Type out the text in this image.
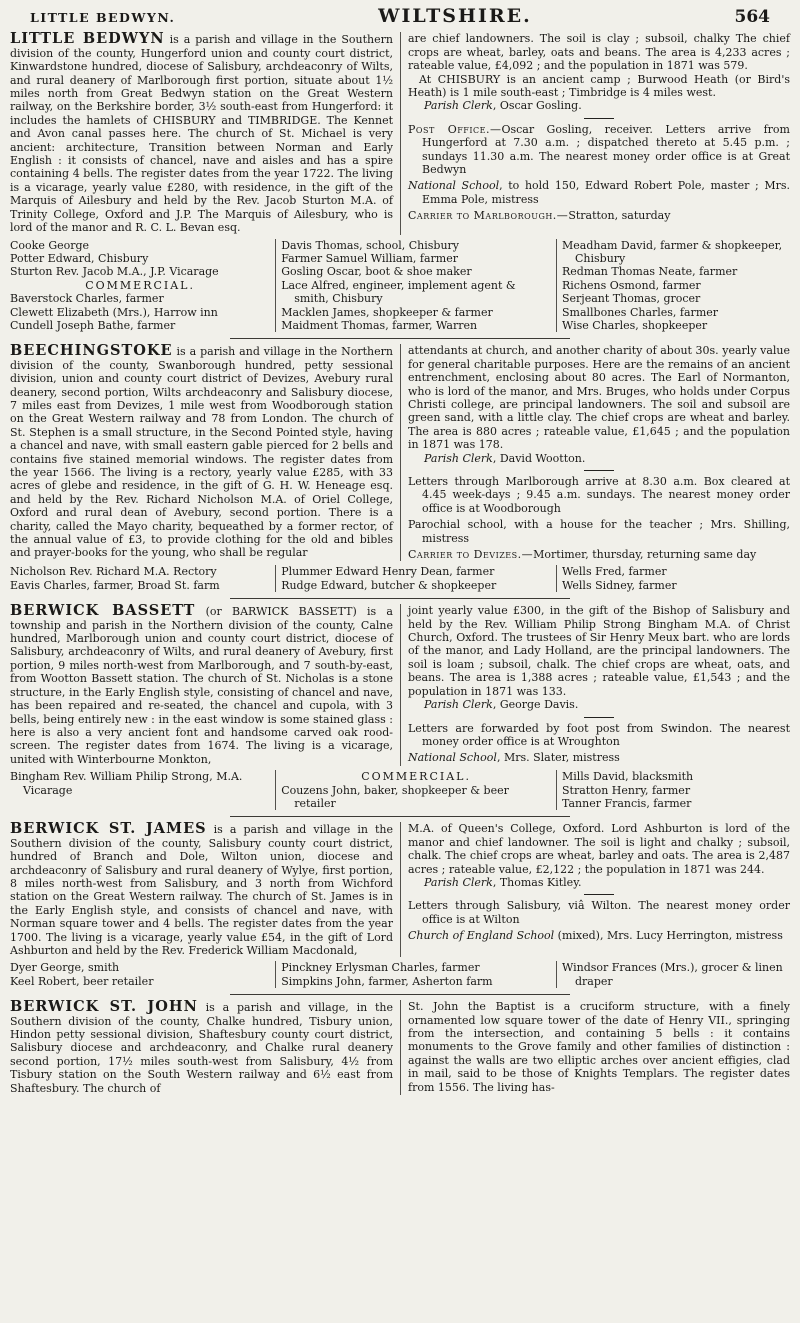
LITTLE BEDWYN.	WILTSHIRE.	564

LITTLE BEDWYN is a parish and village in the Southern division of the county, Hungerford union and county court district, Kinwardstone hundred, diocese of Salisbury, archdeaconry of Wilts, and rural deanery of Marlborough first portion, situate about 1½ miles north from Great Bedwyn station on the Great Western railway, on the Berkshire border, 3½ south-east from Hungerford: it includes the hamlets of CHISBURY and TIMBRIDGE. The Kennet and Avon canal passes here. The church of St. Michael is very ancient: architecture, Transition between Norman and Early English : it consists of chancel, nave and aisles and has a spire containing 4 bells. The register dates from the year 1722. The living is a vicarage, yearly value £280, with residence, in the gift of the Marquis of Ailesbury and held by the Rev. Jacob Sturton M.A. of Trinity College, Oxford and J.P. The Marquis of Ailesbury, who is lord of the manor and R. C. L. Bevan esq.

are chief landowners. The soil is clay ; subsoil, chalky The chief crops are wheat, barley, oats and beans. The area is 4,233 acres ; rateable value, £4,092 ; and the population in 1871 was 579.

At CHISBURY is an ancient camp ; Burwood Heath (or Bird's Heath) is 1 mile south-east ; Timbridge is 4 miles west.

Parish Clerk, Oscar Gosling.

Post Office.—Oscar Gosling, receiver. Letters arrive from Hungerford at 7.30 a.m. ; dispatched thereto at 5.45 p.m. ; sundays 11.30 a.m. The nearest money order office is at Great Bedwyn

National School, to hold 150, Edward Robert Pole, master ; Mrs. Emma Pole, mistress

Carrier to Marlborough.—Stratton, saturday

Cooke George

Potter Edward, Chisbury

Sturton Rev. Jacob M.A., J.P. Vicarage

COMMERCIAL.

Baverstock Charles, farmer

Clewett Elizabeth (Mrs.), Harrow inn

Cundell Joseph Bathe, farmer

Davis Thomas, school, Chisbury

Farmer Samuel William, farmer

Gosling Oscar, boot & shoe maker

Lace Alfred, engineer, implement agent & smith, Chisbury

Macklen James, shopkeeper & farmer

Maidment Thomas, farmer, Warren

Meadham David, farmer & shopkeeper, Chisbury

Redman Thomas Neate, farmer

Richens Osmond, farmer

Serjeant Thomas, grocer

Smallbones Charles, farmer

Wise Charles, shopkeeper

BEECHINGSTOKE is a parish and village in the Northern division of the county, Swanborough hundred, petty sessional division, union and county court district of Devizes, Avebury rural deanery, second portion, Wilts archdeaconry and Salisbury diocese, 7 miles east from Devizes, 1 mile west from Woodborough station on the Great Western railway and 78 from London. The church of St. Stephen is a small structure, in the Second Pointed style, having a chancel and nave, with small eastern gable pierced for 2 bells and contains five stained memorial windows. The register dates from the year 1566. The living is a rectory, yearly value £285, with 33 acres of glebe and residence, in the gift of G. H. W. Heneage esq. and held by the Rev. Richard Nicholson M.A. of Oriel College, Oxford and rural dean of Avebury, second portion. There is a charity, called the Mayo charity, bequeathed by a former rector, of the annual value of £3, to provide clothing for the old and bibles and prayer-books for the young, who shall be regular

attendants at church, and another charity of about 30s. yearly value for general charitable purposes. Here are the remains of an ancient entrenchment, enclosing about 80 acres. The Earl of Normanton, who is lord of the manor, and Mrs. Bruges, who holds under Corpus Christi college, are principal landowners. The soil and subsoil are green sand, with a little clay. The chief crops are wheat and barley. The area is 880 acres ; rateable value, £1,645 ; and the population in 1871 was 178.

Parish Clerk, David Wootton.

Letters through Marlborough arrive at 8.30 a.m. Box cleared at 4.45 week-days ; 9.45 a.m. sundays. The nearest money order office is at Woodborough

Parochial school, with a house for the teacher ; Mrs. Shilling, mistress

Carrier to Devizes.—Mortimer, thursday, returning same day

Nicholson Rev. Richard M.A. Rectory

Eavis Charles, farmer, Broad St. farm

Plummer Edward Henry Dean, farmer

Rudge Edward, butcher & shopkeeper

Wells Fred, farmer

Wells Sidney, farmer

BERWICK BASSETT (or BARWICK BASSETT) is a township and parish in the Northern division of the county, Calne hundred, Marlborough union and county court district, diocese of Salisbury, archdeaconry of Wilts, and rural deanery of Avebury, first portion, 9 miles north-west from Marlborough, and 7 south-by-east, from Wootton Bassett station. The church of St. Nicholas is a stone structure, in the Early English style, consisting of chancel and nave, has been repaired and re-seated, the chancel and cupola, with 3 bells, being entirely new : in the east window is some stained glass : here is also a very ancient font and handsome carved oak rood-screen. The register dates from 1674. The living is a vicarage, united with Winterbourne Monkton,

joint yearly value £300, in the gift of the Bishop of Salisbury and held by the Rev. William Philip Strong Bingham M.A. of Christ Church, Oxford. The trustees of Sir Henry Meux bart. who are lords of the manor, and Lady Holland, are the principal landowners. The soil is loam ; subsoil, chalk. The chief crops are wheat, oats, and beans. The area is 1,388 acres ; rateable value, £1,543 ; and the population in 1871 was 133.

Parish Clerk, George Davis.

Letters are forwarded by foot post from Swindon. The nearest money order office is at Wroughton

National School, Mrs. Slater, mistress

Bingham Rev. William Philip Strong, M.A. Vicarage

COMMERCIAL.

Couzens John, baker, shopkeeper & beer retailer

Mills David, blacksmith

Stratton Henry, farmer

Tanner Francis, farmer

BERWICK ST. JAMES is a parish and village in the Southern division of the county, Salisbury county court district, hundred of Branch and Dole, Wilton union, diocese and archdeaconry of Salisbury and rural deanery of Wylye, first portion, 8 miles north-west from Salisbury, and 3 north from Wichford station on the Great Western railway. The church of St. James is in the Early English style, and consists of chancel and nave, with Norman square tower and 4 bells. The register dates from the year 1700. The living is a vicarage, yearly value £54, in the gift of Lord Ashburton and held by the Rev. Frederick William Macdonald,

M.A. of Queen's College, Oxford. Lord Ashburton is lord of the manor and chief landowner. The soil is light and chalky ; subsoil, chalk. The chief crops are wheat, barley and oats. The area is 2,487 acres ; rateable value, £2,122 ; the population in 1871 was 244.

Parish Clerk, Thomas Kitley.

Letters through Salisbury, viâ Wilton. The nearest money order office is at Wilton

Church of England School (mixed), Mrs. Lucy Herrington, mistress

Dyer George, smith

Keel Robert, beer retailer

Pinckney Erlysman Charles, farmer

Simpkins John, farmer, Asherton farm

Windsor Frances (Mrs.), grocer & linen draper

BERWICK ST. JOHN is a parish and village, in the Southern division of the county, Chalke hundred, Tisbury union, Hindon petty sessional division, Shaftesbury county court district, Salisbury diocese and archdeaconry, and Chalke rural deanery second portion, 17½ miles south-west from Salisbury, 4½ from Tisbury station on the South Western railway and 6½ east from Shaftesbury. The church of

St. John the Baptist is a cruciform structure, with a finely ornamented low square tower of the date of Henry VII., springing from the intersection, and containing 5 bells : it contains monuments to the Grove family and other families of distinction : against the walls are two elliptic arches over ancient effigies, clad in mail, said to be those of Knights Templars. The register dates from 1556. The living has-
